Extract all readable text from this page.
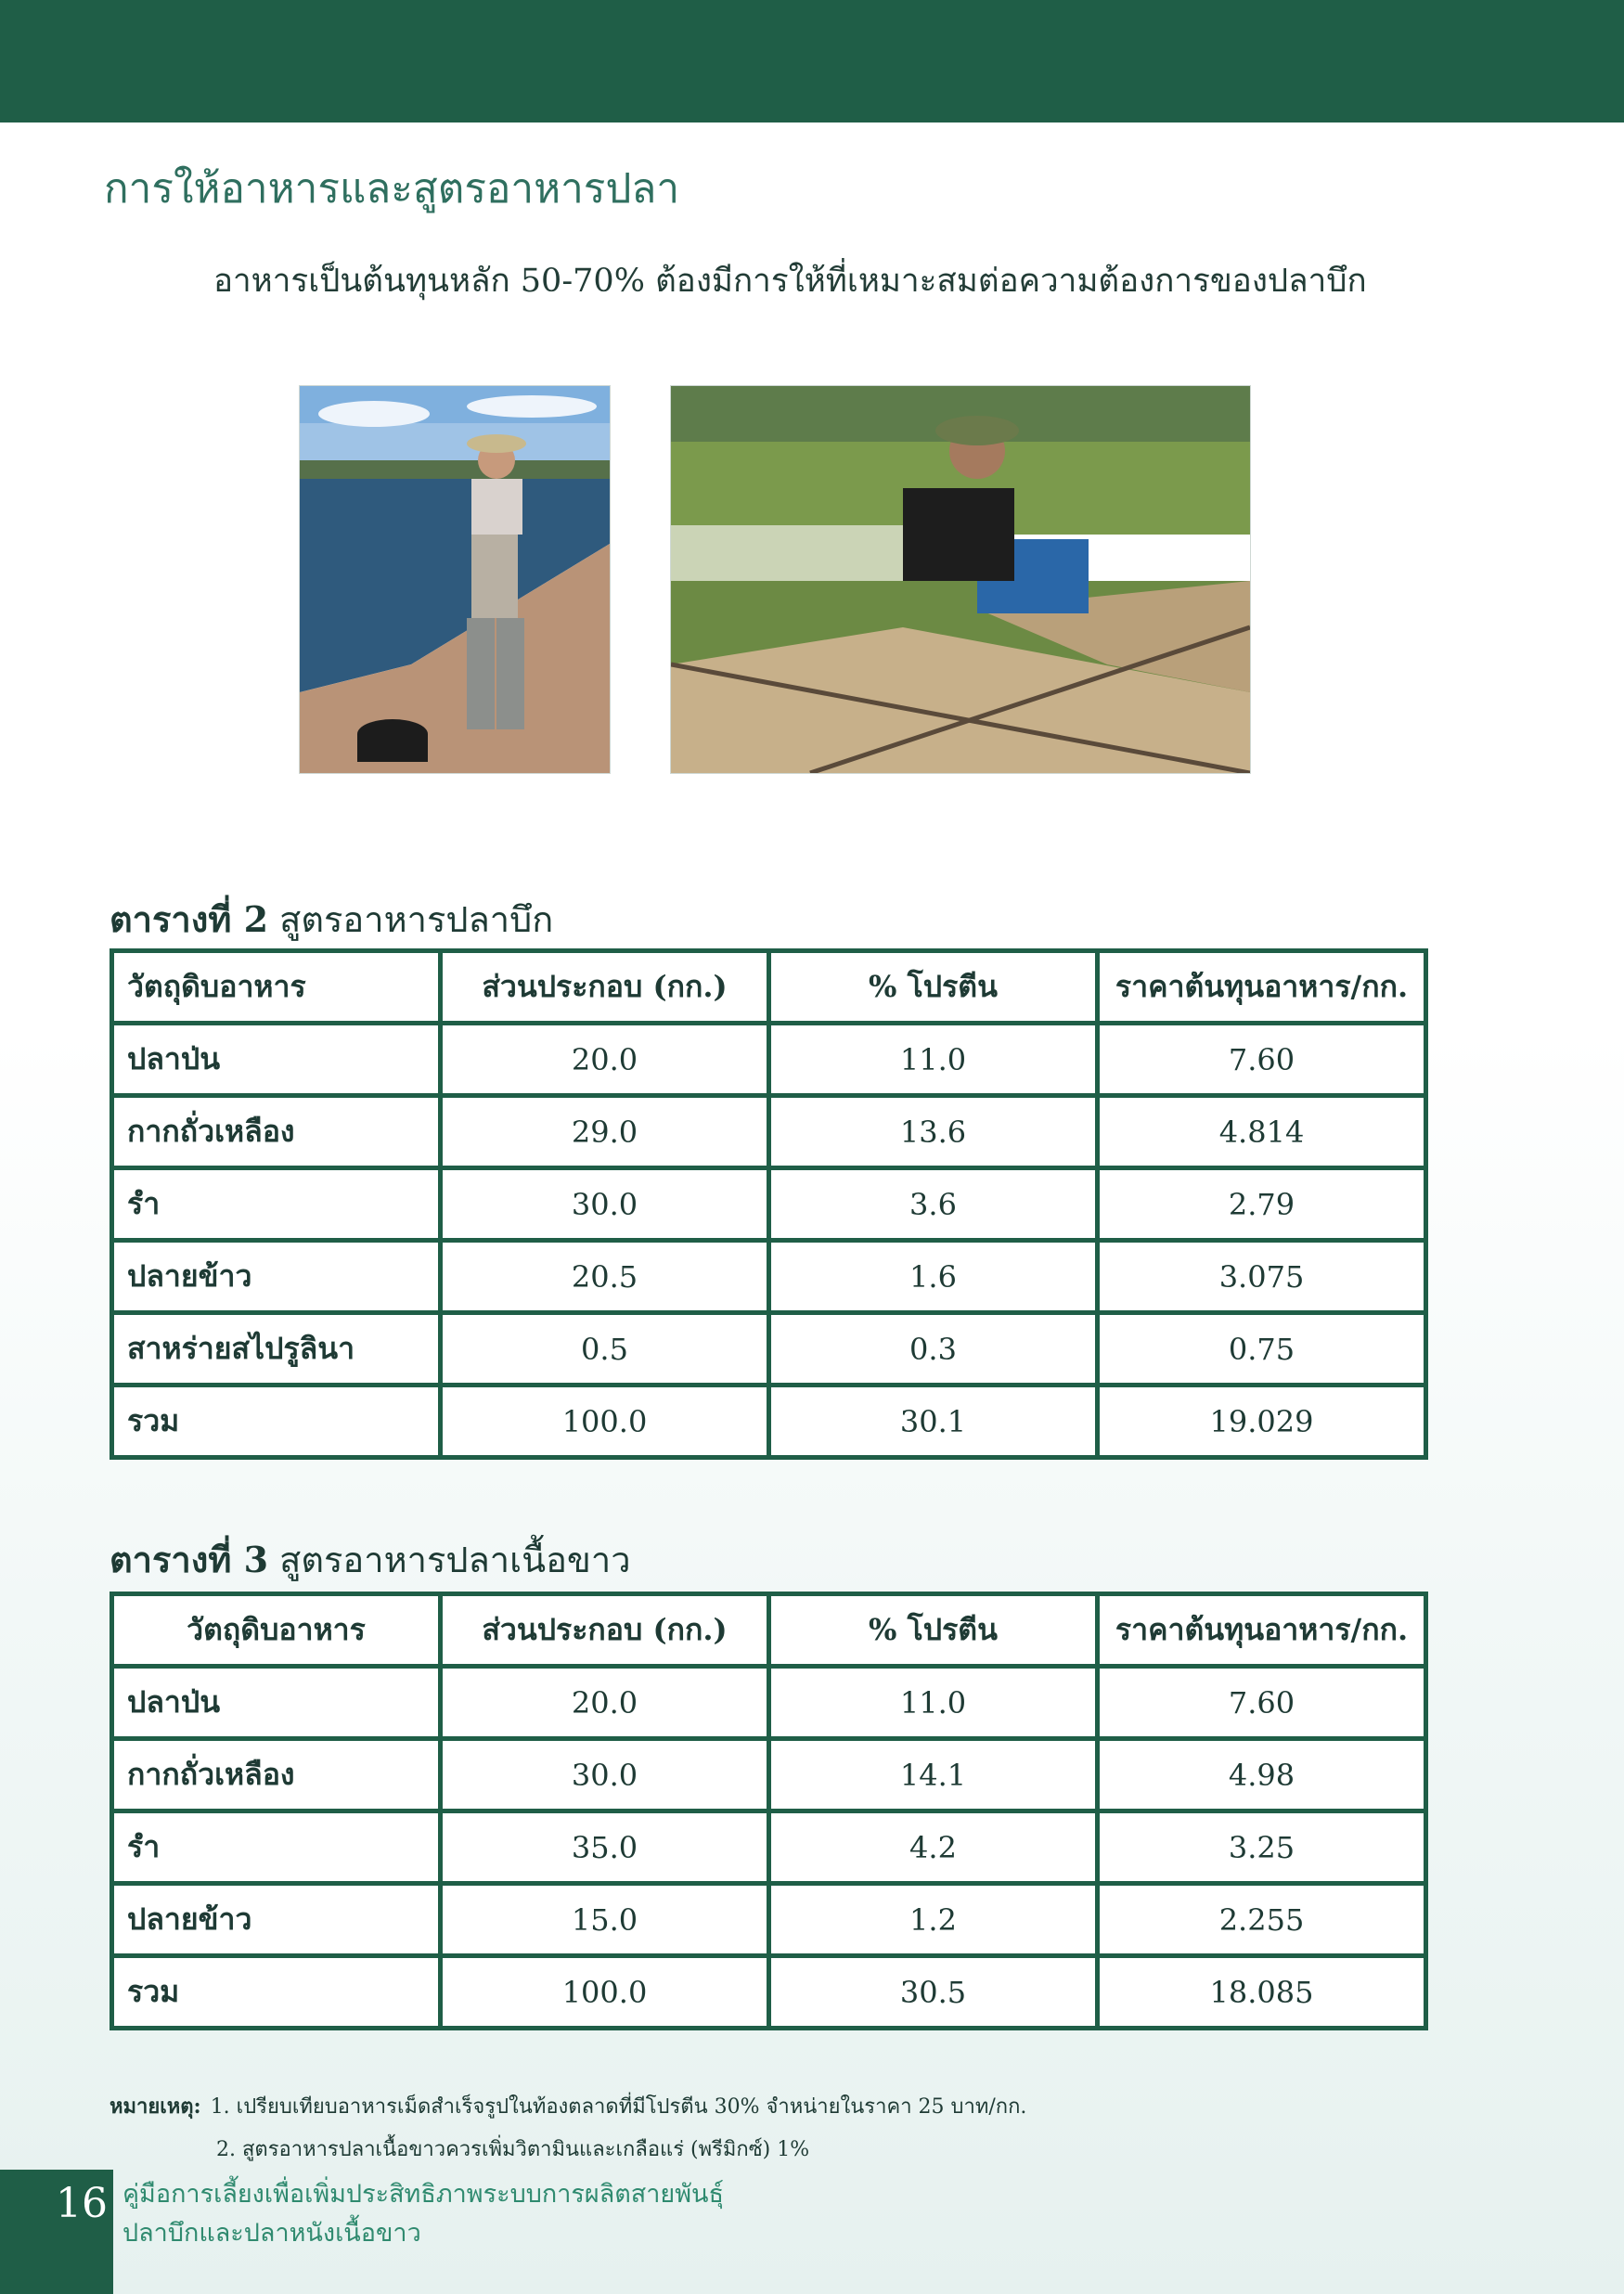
การให้อาหารและสูตรอาหารปลา

อาหารเป็นต้นทุนหลัก 50-70% ต้องมีการให้ที่เหมาะสมต่อความต้องการของปลาบึก

ตารางที่ 2 สูตรอาหารปลาบึก

วัตถุดิบอาหาร	ส่วนประกอบ (กก.)	% โปรตีน	ราคาต้นทุนอาหาร/กก.
ปลาป่น	20.0	11.0	7.60
กากถั่วเหลือง	29.0	13.6	4.814
รำ	30.0	3.6	2.79
ปลายข้าว	20.5	1.6	3.075
สาหร่ายสไปรูลินา	0.5	0.3	0.75
รวม	100.0	30.1	19.029

ตารางที่ 3 สูตรอาหารปลาเนื้อขาว

วัตถุดิบอาหาร	ส่วนประกอบ (กก.)	% โปรตีน	ราคาต้นทุนอาหาร/กก.
ปลาป่น	20.0	11.0	7.60
กากถั่วเหลือง	30.0	14.1	4.98
รำ	35.0	4.2	3.25
ปลายข้าว	15.0	1.2	2.255
รวม	100.0	30.5	18.085
หมายเหตุ: 1. เปรียบเทียบอาหารเม็ดสำเร็จรูปในท้องตลาดที่มีโปรตีน 30% จำหน่ายในราคา 25 บาท/กก.
2. สูตรอาหารปลาเนื้อขาวควรเพิ่มวิตามินและเกลือแร่ (พรีมิกซ์) 1%
16 คู่มือการเลี้ยงเพื่อเพิ่มประสิทธิภาพระบบการผลิตสายพันธุ์
ปลาบึกและปลาหนังเนื้อขาว
